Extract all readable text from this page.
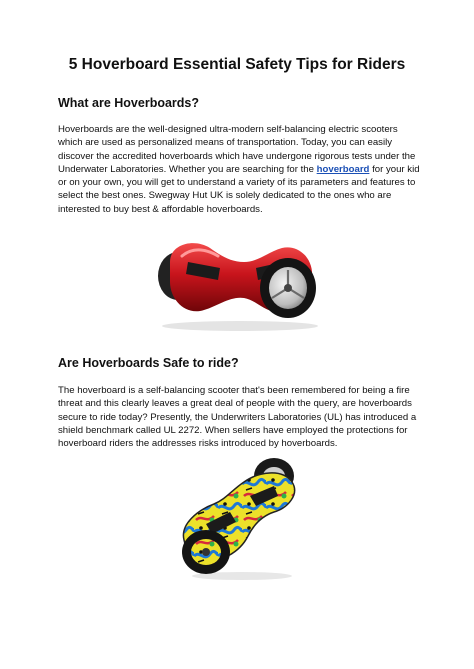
5 Hoverboard Essential Safety Tips for Riders
What are Hoverboards?

Hoverboards are the well-designed ultra-modern self-balancing electric scooters which are used as personalized means of transportation. Today, you can easily discover the accredited hoverboards which have undergone rigorous tests under the Underwater Laboratories. Whether you are searching for the hoverboard for your kid or on your own, you will get to understand a variety of its parameters and features to select the best ones. Swegway Hut UK is solely dedicated to the ones who are interested to buy best & affordable hoverboards.

Are Hoverboards Safe to ride?

The hoverboard is a self-balancing scooter that's been remembered for being a fire threat and this clearly leaves a great deal of people with the query, are hoverboards secure to ride today? Presently, the Underwriters Laboratories (UL) has introduced a shield benchmark called UL 2272. When sellers have employed the protections for hoverboard riders the addresses risks introduced by hoverboards.
